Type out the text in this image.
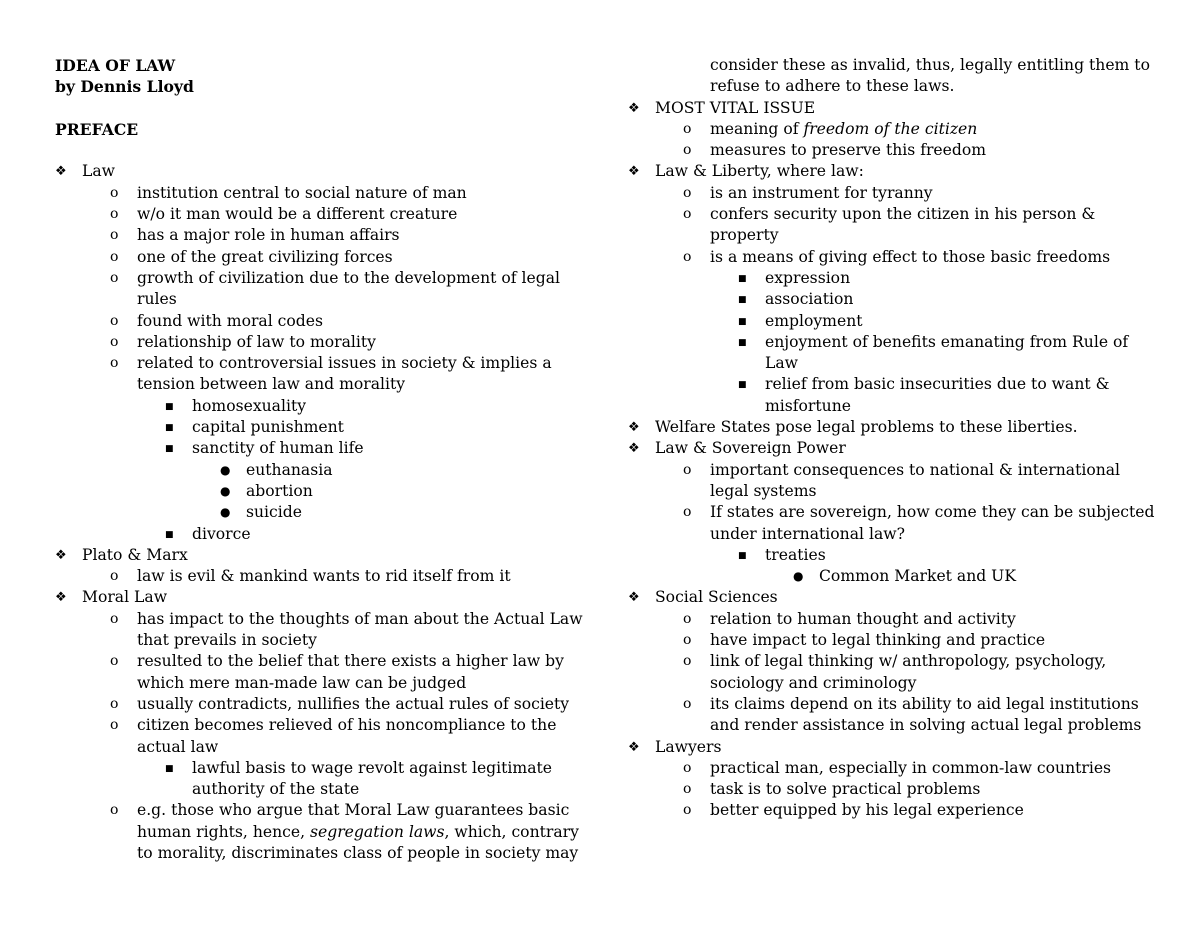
IDEA OF LAW
by Dennis Lloyd
PREFACE
❖ Law
o institution central to social nature of man
o w/o it man would be a different creature
o has a major role in human affairs
o one of the great civilizing forces
o growth of civilization due to the development of legal
rules
o found with moral codes
o relationship of law to morality
o related to controversial issues in society & implies a
tension between law and morality
■ homosexuality
■ capital punishment
■ sanctity of human life
● euthanasia
● abortion
● suicide
■ divorce
❖ Plato & Marx
o law is evil & mankind wants to rid itself from it
❖ Moral Law
o has impact to the thoughts of man about the Actual Law
that prevails in society
o resulted to the belief that there exists a higher law by
which mere man-made law can be judged
o usually contradicts, nullifies the actual rules of society
o citizen becomes relieved of his noncompliance to the
actual law
■ lawful basis to wage revolt against legitimate
authority of the state
o e.g. those who argue that Moral Law guarantees basic
human rights, hence, segregation laws, which, contrary
to morality, discriminates class of people in society may
consider these as invalid, thus, legally entitling them to
refuse to adhere to these laws.
❖ MOST VITAL ISSUE
o meaning of freedom of the citizen
o measures to preserve this freedom
❖ Law & Liberty, where law:
o is an instrument for tyranny
o confers security upon the citizen in his person &
property
o is a means of giving effect to those basic freedoms
■ expression
■ association
■ employment
■ enjoyment of benefits emanating from Rule of
Law
■ relief from basic insecurities due to want &
misfortune
❖ Welfare States pose legal problems to these liberties.
❖ Law & Sovereign Power
o important consequences to national & international
legal systems
o If states are sovereign, how come they can be subjected
under international law?
■ treaties
● Common Market and UK
❖ Social Sciences
o relation to human thought and activity
o have impact to legal thinking and practice
o link of legal thinking w/ anthropology, psychology,
sociology and criminology
o its claims depend on its ability to aid legal institutions
and render assistance in solving actual legal problems
❖ Lawyers
o practical man, especially in common-law countries
o task is to solve practical problems
o better equipped by his legal experience
